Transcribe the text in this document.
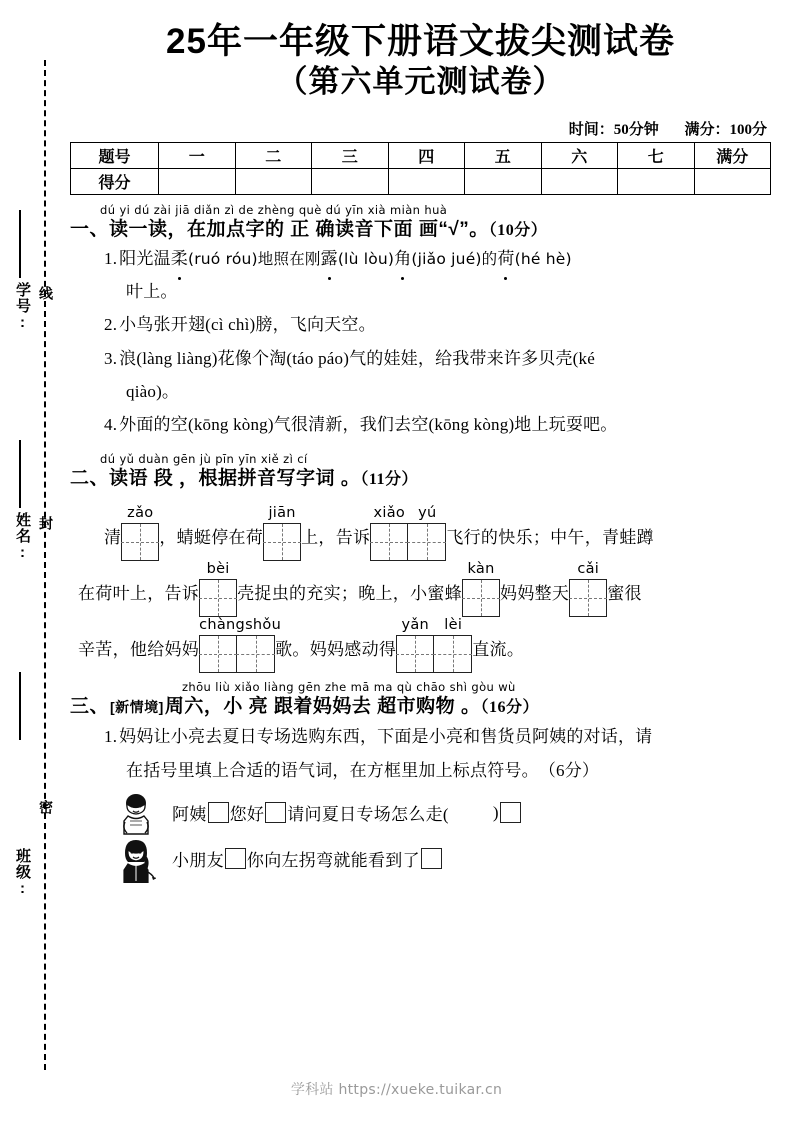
学号: 线
姓名: 封
班级:
密
25年一年级下册语文拔尖测试卷
（第六单元测试卷）
时间：50分钟 满分：100分
题号	一	二	三	四	五	六	七	满分
得分								
dú yi dú zài jiā diǎn zì de zhèng què dú yīn xià miàn huà
一、读一读，在加点字的 正 确读音下面 画“√”。（10分）
1. 阳光温柔(ruó róu)地照在刚露(lù lòu)角(jiǎo jué)的荷(hé hè)
叶上。
2. 小鸟张开翅(cì chì)膀，飞向天空。
3. 浪(làng liàng)花像个淘(táo páo)气的娃娃，给我带来许多贝壳(ké
qiào)。
4. 外面的空(kōng kòng)气很清新，我们去空(kōng kòng)地上玩耍吧。
dú yǔ duàn gēn jù pīn yīn xiě zì cí
二、读语 段 ，根据拼音写字词 。（11分）
清
zǎo
，蜻蜓停在荷
jiān
上，告诉
xiǎo yú
飞行的快乐；中午，青蛙蹲
在荷叶上，告诉
bèi
壳捉虫的充实；晚上，小蜜蜂
kàn
妈妈整天
cǎi
蜜很
辛苦，他给妈妈
chàng shǒu
歌。妈妈感动得
yǎn	lèi
直流。
zhōu liù xiǎo liàng gēn zhe mā ma qù chāo shì gòu wù
三、[新情境]周六，小 亮 跟着妈妈去 超市购物 。（16分）
1. 妈妈让小亮去夏日专场选购东西，下面是小亮和售货员阿姨的对话，请
在括号里填上合适的语气词，在方框里加上标点符号。（6分）
阿姨 您好 请问夏日专场怎么走(	)
小朋友 你向左拐弯就能看到了
学科站 https://xueke.tuikar.cn
